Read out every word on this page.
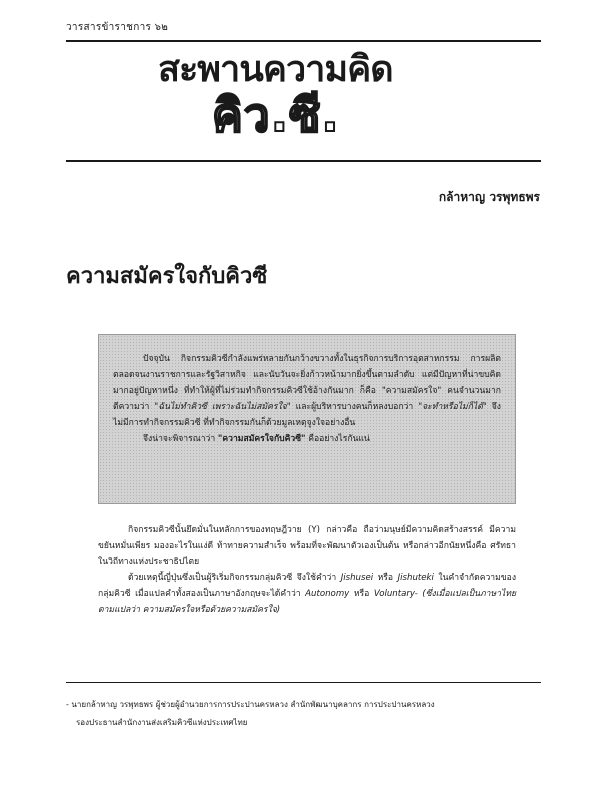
วารสารข้าราชการ ๖๒
สะพานความคิด
คิว.ซี.
กล้าหาญ วรพุทธพร
ความสมัครใจกับคิวซี

ปัจจุบัน กิจกรรมคิวซีกำลังแพร่หลายกันกว้างขวางทั้งในธุรกิจการบริการอุตสาหกรรม การผลิต ตลอดจนงานราชการและรัฐวิสาหกิจ และนับวันจะยิ่งก้าวหน้ามากยิ่งขึ้นตามลำดับ แต่มีปัญหาที่น่าขบคิดมากอยู่ปัญหาหนึ่ง ที่ทำให้ผู้ที่ไม่ร่วมทำกิจกรรมคิวซีใช้อ้างกันมาก ก็คือ "ความสมัครใจ" คนจำนวนมากตีความว่า "ฉันไม่ทำคิวซี เพราะฉันไม่สมัครใจ" และผู้บริหารบางคนก็หลงบอกว่า "จะทำหรือไม่ก็ได้" จึงไม่มีการทำกิจกรรมคิวซี ที่ทำกิจกรรมกันก็ด้วยมูลเหตุจูงใจอย่างอื่น

จึงน่าจะพิจารณาว่า "ความสมัครใจกับคิวซี" คืออย่างไรกันแน่

กิจกรรมคิวซีนั้นยึดมั่นในหลักการของทฤษฎีวาย (Y) กล่าวคือ ถือว่ามนุษย์มีความคิดสร้างสรรค์ มีความขยันหมั่นเพียร มองอะไรในแง่ดี ท้าทายความสำเร็จ พร้อมที่จะพัฒนาตัวเองเป็นต้น หรือกล่าวอีกนัยหนึ่งคือ ศรัทธาในวิถีทางแห่งประชาธิปไตย

ด้วยเหตุนี้ญี่ปุ่นซึ่งเป็นผู้ริเริ่มกิจกรรมกลุ่มคิวซี จึงใช้คำว่า Jishusei หรือ Jishuteki ในคำจำกัดความของกลุ่มคิวซี เมื่อแปลคำทั้งสองเป็นภาษาอังกฤษจะได้คำว่า Autonomy หรือ Voluntary- (ซึ่งเมื่อแปลเป็นภาษาไทยตามแปลว่า ความสมัครใจหรือด้วยความสมัครใจ)

- นายกล้าหาญ วรพุทธพร ผู้ช่วยผู้อำนวยการการประปานครหลวง สำนักพัฒนาบุคลากร การประปานครหลวง
รองประธานสำนักงานส่งเสริมคิวซีแห่งประเทศไทย
